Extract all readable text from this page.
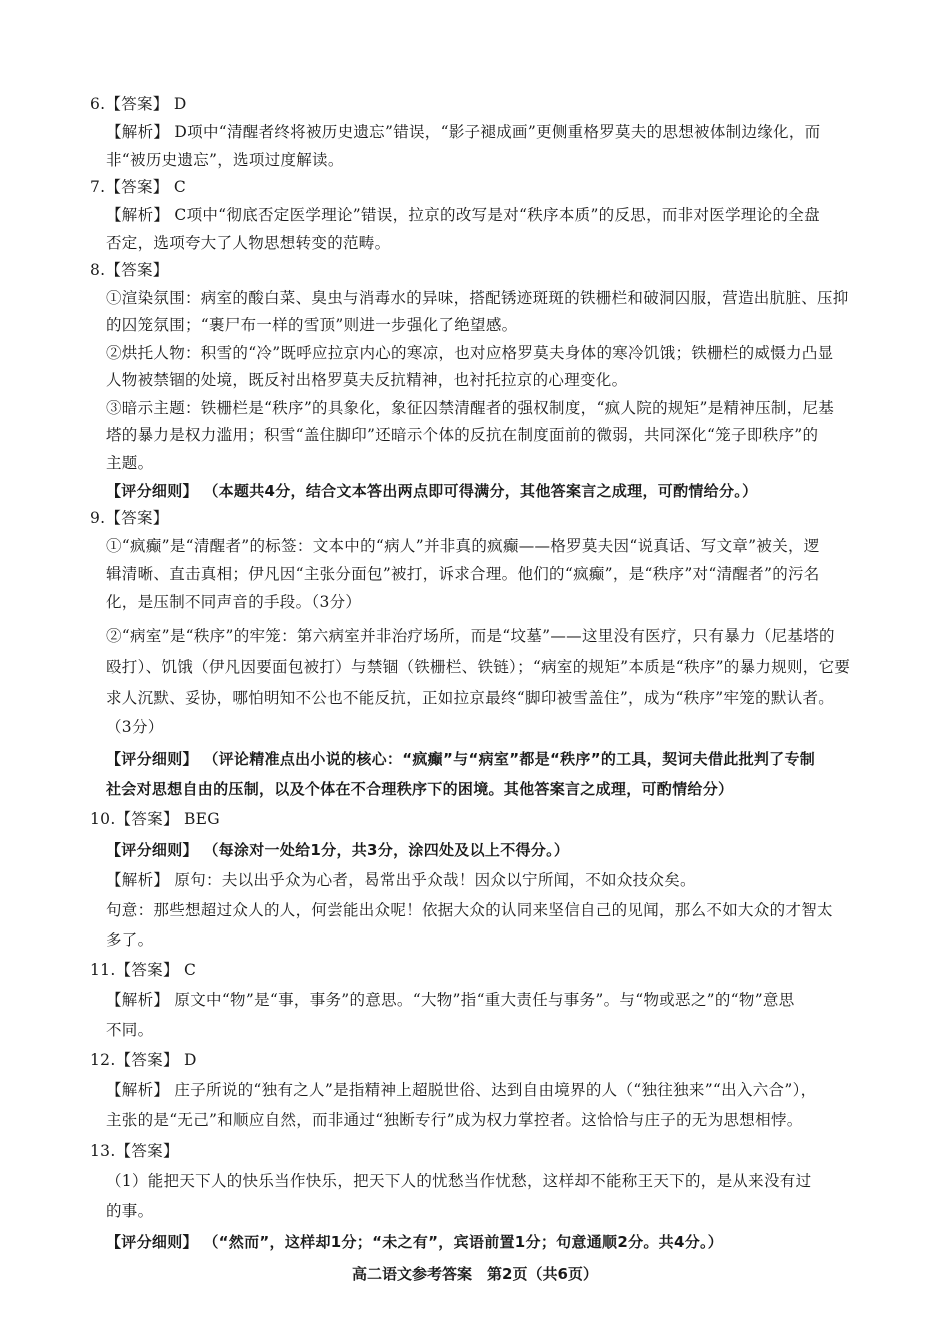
6.【答案】 D
【解析】 D项中“清醒者终将被历史遗忘”错误，“影子褪成画”更侧重格罗莫夫的思想被体制边缘化，而
非“被历史遗忘”，选项过度解读。
7.【答案】 C
【解析】 C项中“彻底否定医学理论”错误，拉京的改写是对“秩序本质”的反思，而非对医学理论的全盘
否定，选项夸大了人物思想转变的范畴。
8.【答案】
①渲染氛围：病室的酸白菜、臭虫与消毒水的异味，搭配锈迹斑斑的铁栅栏和破洞囚服，营造出肮脏、压抑
的囚笼氛围；“裹尸布一样的雪顶”则进一步强化了绝望感。
②烘托人物：积雪的“冷”既呼应拉京内心的寒凉，也对应格罗莫夫身体的寒冷饥饿；铁栅栏的威慑力凸显
人物被禁锢的处境，既反衬出格罗莫夫反抗精神，也衬托拉京的心理变化。
③暗示主题：铁栅栏是“秩序”的具象化，象征囚禁清醒者的强权制度，“疯人院的规矩”是精神压制，尼基
塔的暴力是权力滥用；积雪“盖住脚印”还暗示个体的反抗在制度面前的微弱，共同深化“笼子即秩序”的
主题。
【评分细则】 （本题共4分，结合文本答出两点即可得满分，其他答案言之成理，可酌情给分。）
9.【答案】
①“疯癫”是“清醒者”的标签：文本中的“病人”并非真的疯癫——格罗莫夫因“说真话、写文章”被关，逻
辑清晰、直击真相；伊凡因“主张分面包”被打，诉求合理。他们的“疯癫”，是“秩序”对“清醒者”的污名
化，是压制不同声音的手段。（3分）
②“病室”是“秩序”的牢笼：第六病室并非治疗场所，而是“坟墓”——这里没有医疗，只有暴力（尼基塔的
殴打）、饥饿（伊凡因要面包被打）与禁锢（铁栅栏、铁链）；“病室的规矩”本质是“秩序”的暴力规则，它要
求人沉默、妥协，哪怕明知不公也不能反抗，正如拉京最终“脚印被雪盖住”，成为“秩序”牢笼的默认者。
（3分）
【评分细则】 （评论精准点出小说的核心：“疯癫”与“病室”都是“秩序”的工具，契诃夫借此批判了专制
社会对思想自由的压制，以及个体在不合理秩序下的困境。其他答案言之成理，可酌情给分）
10.【答案】 BEG
【评分细则】 （每涂对一处给1分，共3分，涂四处及以上不得分。）
【解析】 原句：夫以出乎众为心者，曷常出乎众哉！因众以宁所闻，不如众技众矣。
句意：那些想超过众人的人，何尝能出众呢！依据大众的认同来坚信自己的见闻，那么不如大众的才智太
多了。
11.【答案】 C
【解析】 原文中“物”是“事，事务”的意思。“大物”指“重大责任与事务”。与“物或恶之”的“物”意思
不同。
12.【答案】 D
【解析】 庄子所说的“独有之人”是指精神上超脱世俗、达到自由境界的人（“独往独来”“出入六合”），
主张的是“无己”和顺应自然，而非通过“独断专行”成为权力掌控者。这恰恰与庄子的无为思想相悖。
13.【答案】
（1）能把天下人的快乐当作快乐，把天下人的忧愁当作忧愁，这样却不能称王天下的，是从来没有过
的事。
【评分细则】 （“然而”，这样却1分；“未之有”，宾语前置1分；句意通顺2分。共4分。）
高二语文参考答案　第2页（共6页）
